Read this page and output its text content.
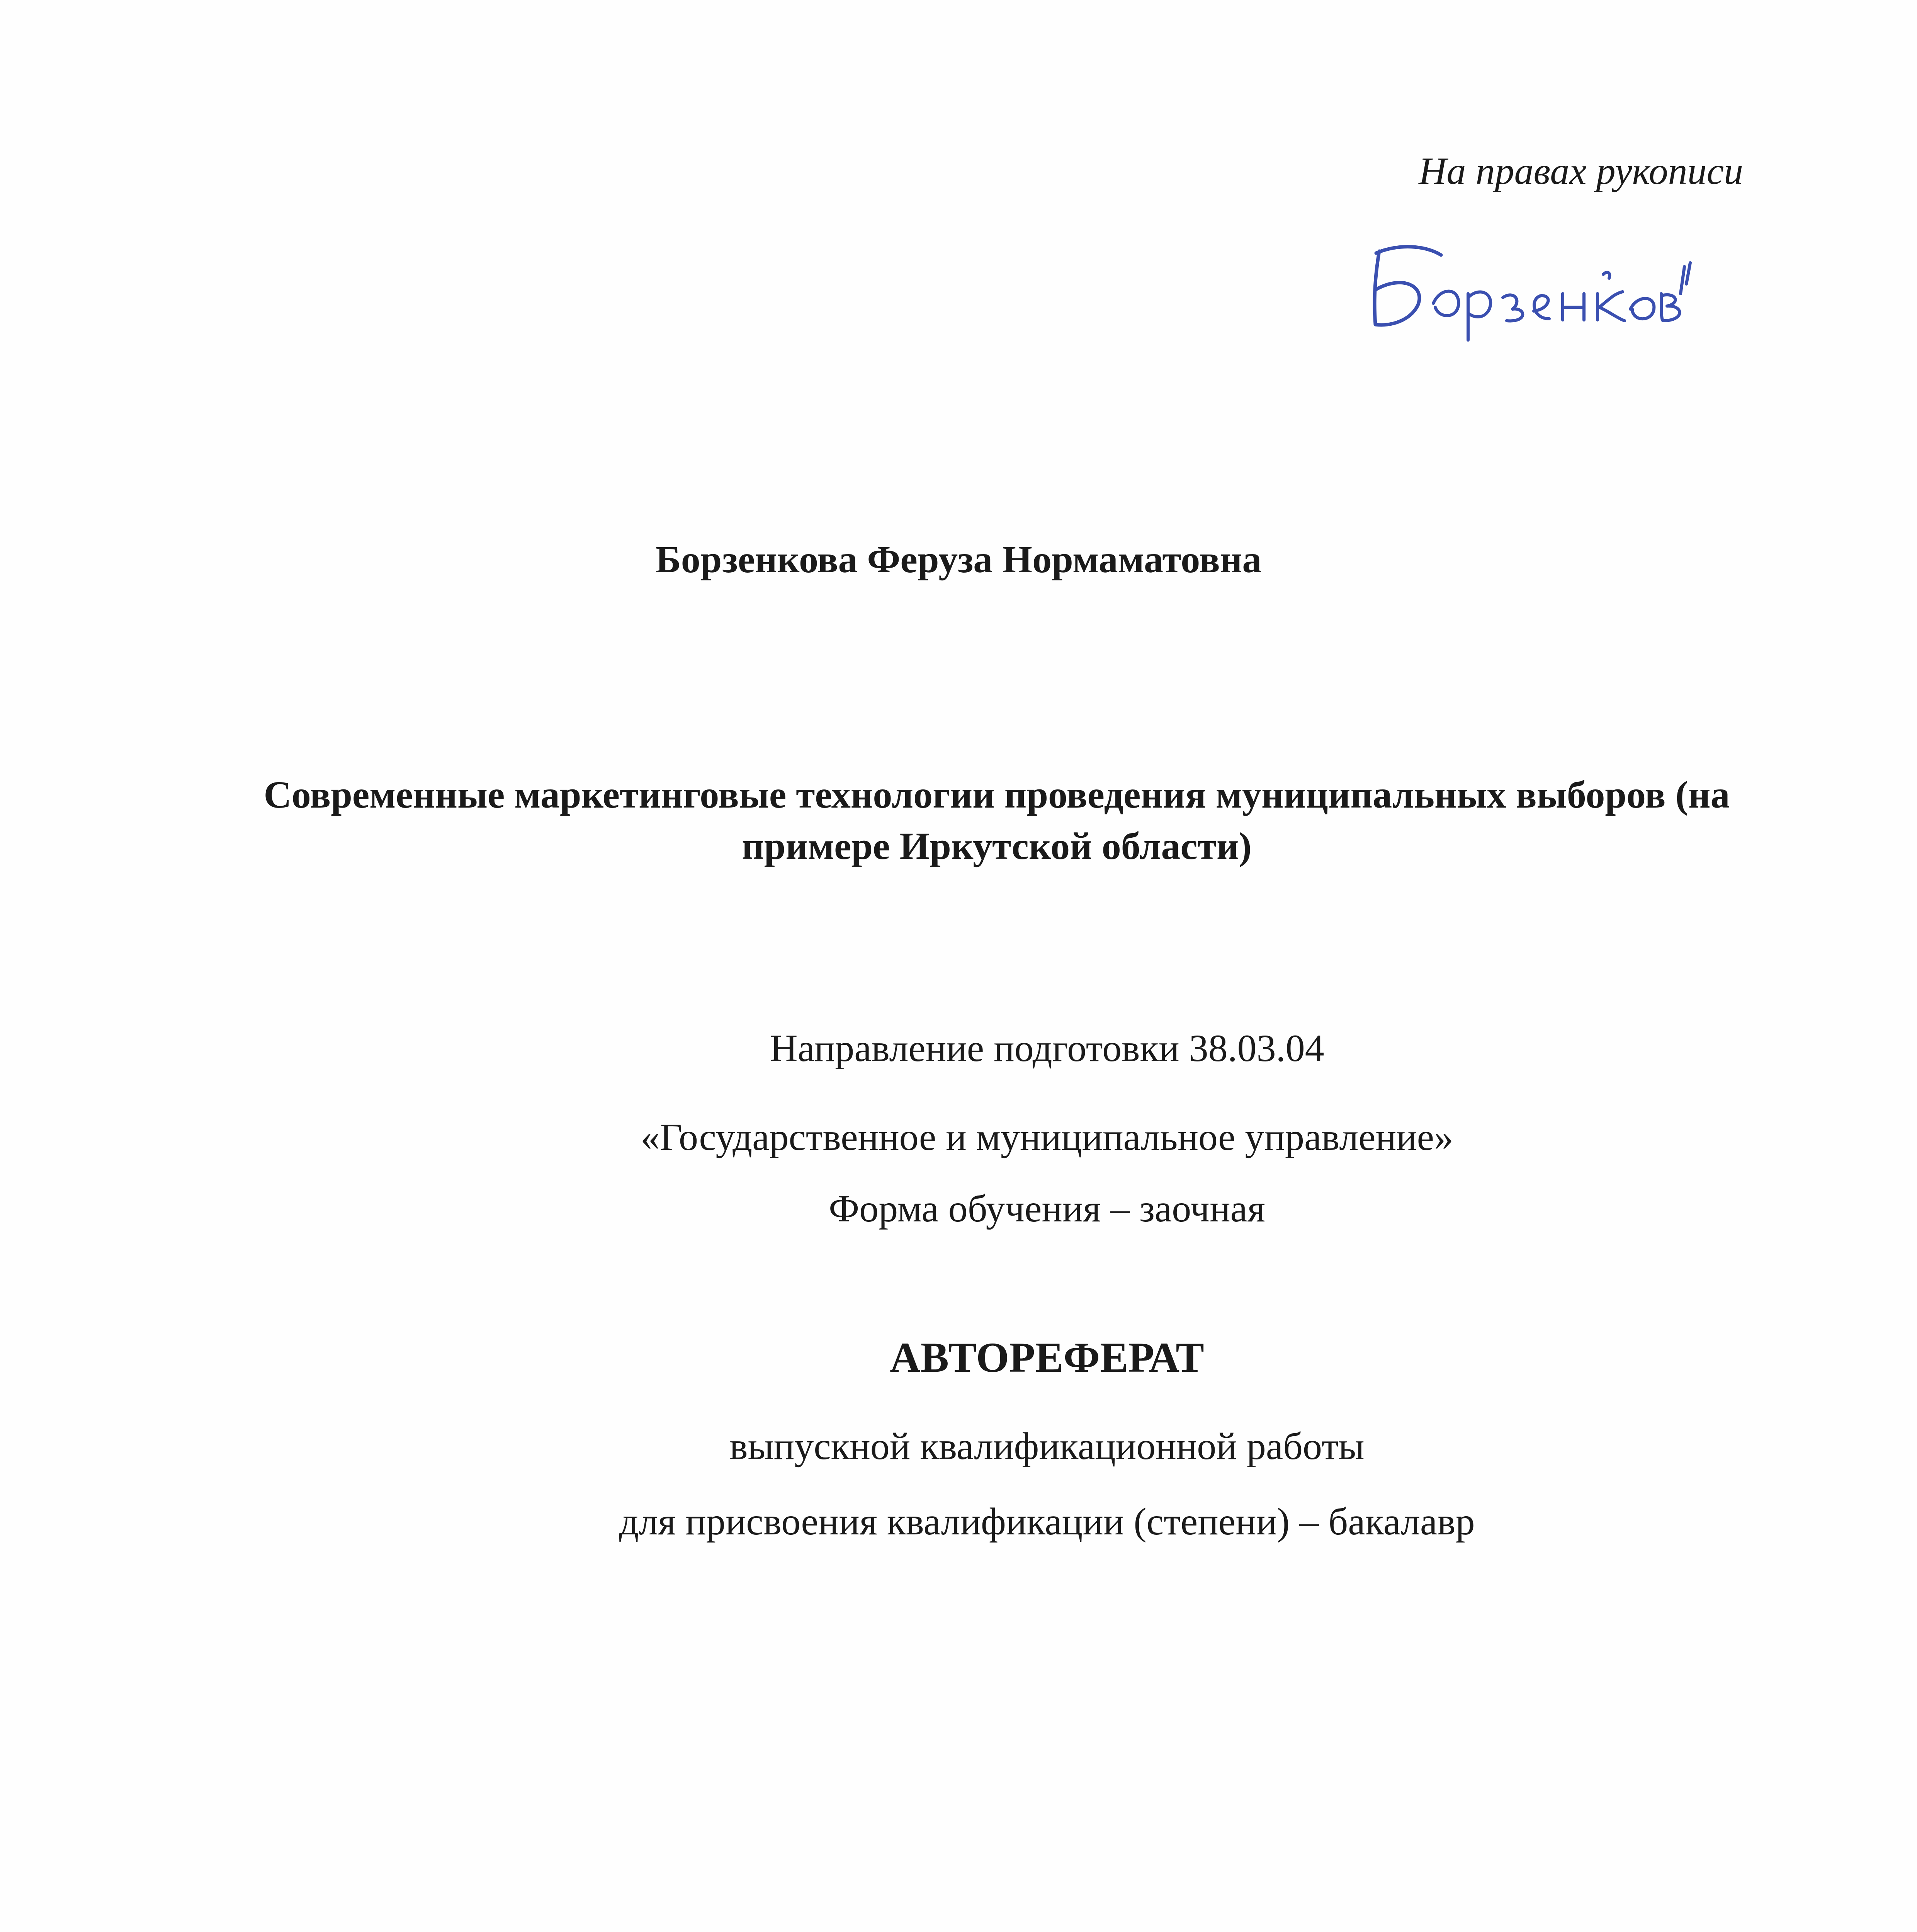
На правах рукописи
Борзенкова Феруза Нормаматовна
Современные маркетинговые технологии проведения муниципальных выборов (на примере Иркутской области)
Направление подготовки 38.03.04
«Государственное и муниципальное управление»
Форма обучения – заочная
АВТОРЕФЕРАТ
выпускной квалификационной работы
для присвоения квалификации (степени) – бакалавр
